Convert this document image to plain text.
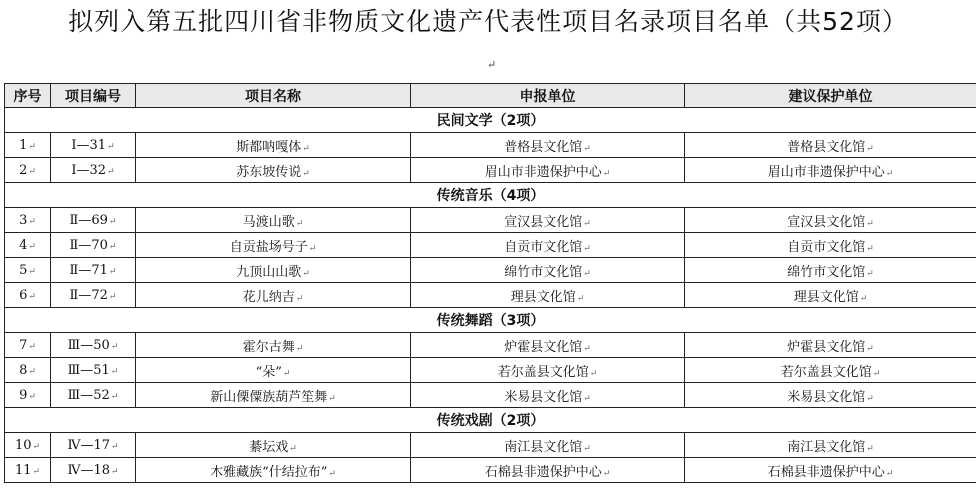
拟列入第五批四川省非物质文化遗产代表性项目名录项目名单（共52项）
↵
序号	项目编号	项目名称	申报单位	建议保护单位
民间文学（2项）				
1↵	Ⅰ—31↵	斯都呐嘎体↵	普格县文化馆↵	普格县文化馆↵
2↵	Ⅰ—32↵	苏东坡传说↵	眉山市非遗保护中心↵	眉山市非遗保护中心↵
传统音乐（4项）				
3↵	Ⅱ—69↵	马渡山歌↵	宣汉县文化馆↵	宣汉县文化馆↵
4↵	Ⅱ—70↵	自贡盐场号子↵	自贡市文化馆↵	自贡市文化馆↵
5↵	Ⅱ—71↵	九顶山山歌↵	绵竹市文化馆↵	绵竹市文化馆↵
6↵	Ⅱ—72↵	花儿纳吉↵	理县文化馆↵	理县文化馆↵
传统舞蹈（3项）				
7↵	Ⅲ—50↵	霍尔古舞↵	炉霍县文化馆↵	炉霍县文化馆↵
8↵	Ⅲ—51↵	“朵”↵	若尔盖县文化馆↵	若尔盖县文化馆↵
9↵	Ⅲ—52↵	新山傈僳族葫芦笙舞↵	米易县文化馆↵	米易县文化馆↵
传统戏剧（2项）				
10↵	Ⅳ—17↵	綦坛戏↵	南江县文化馆↵	南江县文化馆↵
11↵	Ⅳ—18↵	木雅藏族“什结拉布”↵	石棉县非遗保护中心↵	石棉县非遗保护中心↵
